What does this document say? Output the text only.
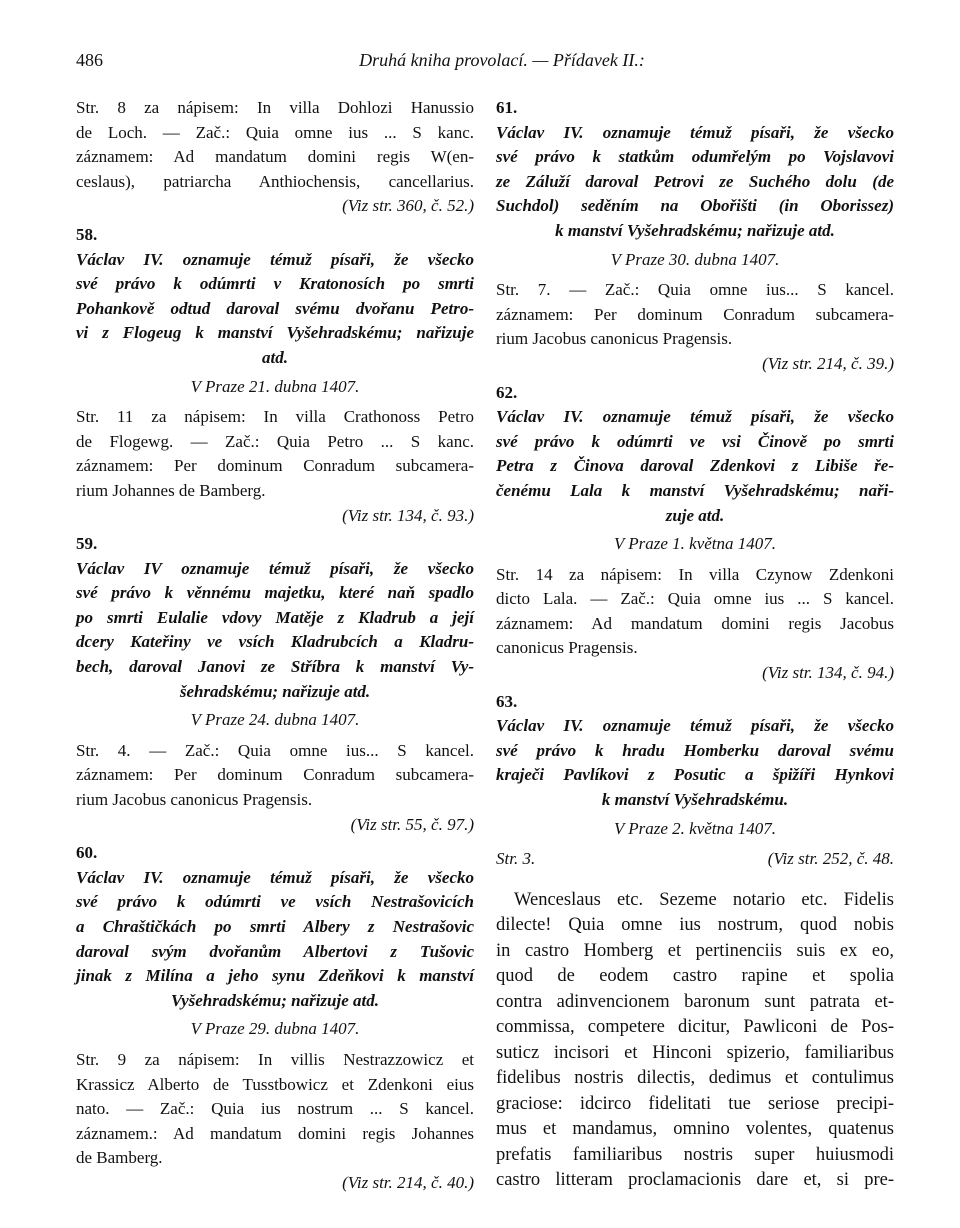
486	Druhá kniha provolací. — Přídavek II.:

Str. 8 za nápisem: In villa Dohlozi Hanussio

de Loch. — Zač.: Quia omne ius ... S kanc.

záznamem: Ad mandatum domini regis W(en-

ceslaus), patriarcha Anthiochensis, cancellarius.

(Viz str. 360, č. 52.)

58.

Václav IV. oznamuje témuž písaři, že všecko

své právo k odúmrti v Kratonosích po smrti

Pohankově odtud daroval svému dvořanu Petro-

vi z Flogeug k manství Vyšehradskému; nařizuje

atd.

V Praze 21. dubna 1407.

Str. 11 za nápisem: In villa Crathonoss Petro

de Flogewg. — Zač.: Quia Petro ... S kanc.

záznamem: Per dominum Conradum subcamera-

rium Johannes de Bamberg.

(Viz str. 134, č. 93.)

59.

Václav IV oznamuje témuž písaři, že všecko

své právo k věnnému majetku, které naň spadlo

po smrti Eulalie vdovy Matěje z Kladrub a její

dcery Kateřiny ve vsích Kladrubcích a Kladru-

bech, daroval Janovi ze Stříbra k manství Vy-

šehradskému; nařizuje atd.

V Praze 24. dubna 1407.

Str. 4. — Zač.: Quia omne ius... S kancel.

záznamem: Per dominum Conradum subcamera-

rium Jacobus canonicus Pragensis.

(Viz str. 55, č. 97.)

60.

Václav IV. oznamuje témuž písaři, že všecko

své právo k odúmrti ve vsích Nestrašovicích

a Chraštičkách po smrti Albery z Nestrašovic

daroval svým dvořanům Albertovi z Tušovic

jinak z Milína a jeho synu Zdeňkovi k manství

Vyšehradskému; nařizuje atd.

V Praze 29. dubna 1407.

Str. 9 za nápisem: In villis Nestrazzowicz et

Krassicz Alberto de Tusstbowicz et Zdenkoni eius

nato. — Zač.: Quia ius nostrum ... S kancel.

záznamem.: Ad mandatum domini regis Johannes

de Bamberg.

(Viz str. 214, č. 40.)

61.

Václav IV. oznamuje témuž písaři, že všecko

své právo k statkům odumřelým po Vojslavovi

ze Záluží daroval Petrovi ze Suchého dolu (de

Suchdol) seděním na Obořišti (in Oborissez)

k manství Vyšehradskému; nařizuje atd.

V Praze 30. dubna 1407.

Str. 7. — Zač.: Quia omne ius... S kancel.

záznamem: Per dominum Conradum subcamera-

rium Jacobus canonicus Pragensis.

(Viz str. 214, č. 39.)

62.

Václav IV. oznamuje témuž písaři, že všecko

své právo k odúmrti ve vsi Činově po smrti

Petra z Činova daroval Zdenkovi z Libiše ře-

čenému Lala k manství Vyšehradskému; naři-

zuje atd.

V Praze 1. května 1407.

Str. 14 za nápisem: In villa Czynow Zdenkoni

dicto Lala. — Zač.: Quia omne ius ... S kancel.

záznamem: Ad mandatum domini regis Jacobus

canonicus Pragensis.

(Viz str. 134, č. 94.)

63.

Václav IV. oznamuje témuž písaři, že všecko

své právo k hradu Homberku daroval svému

kraječi Pavlíkovi z Posutic a špižíři Hynkovi

k manství Vyšehradskému.

V Praze 2. května 1407.

Str. 3.	(Viz str. 252, č. 48.

Wenceslaus etc. Sezeme notario etc. Fidelis

dilecte! Quia omne ius nostrum, quod nobis

in castro Homberg et pertinenciis suis ex eo,

quod de eodem castro rapine et spolia

contra adinvencionem baronum sunt patrata et-

commissa, competere dicitur, Pawliconi de Pos-

suticz incisori et Hinconi spizerio, familiaribus

fidelibus nostris dilectis, dedimus et contulimus

graciose: idcirco fidelitati tue seriose precipi-

mus et mandamus, omnino volentes, quatenus

prefatis familiaribus nostris super huiusmodi

castro litteram proclamacionis dare et, si pre-
